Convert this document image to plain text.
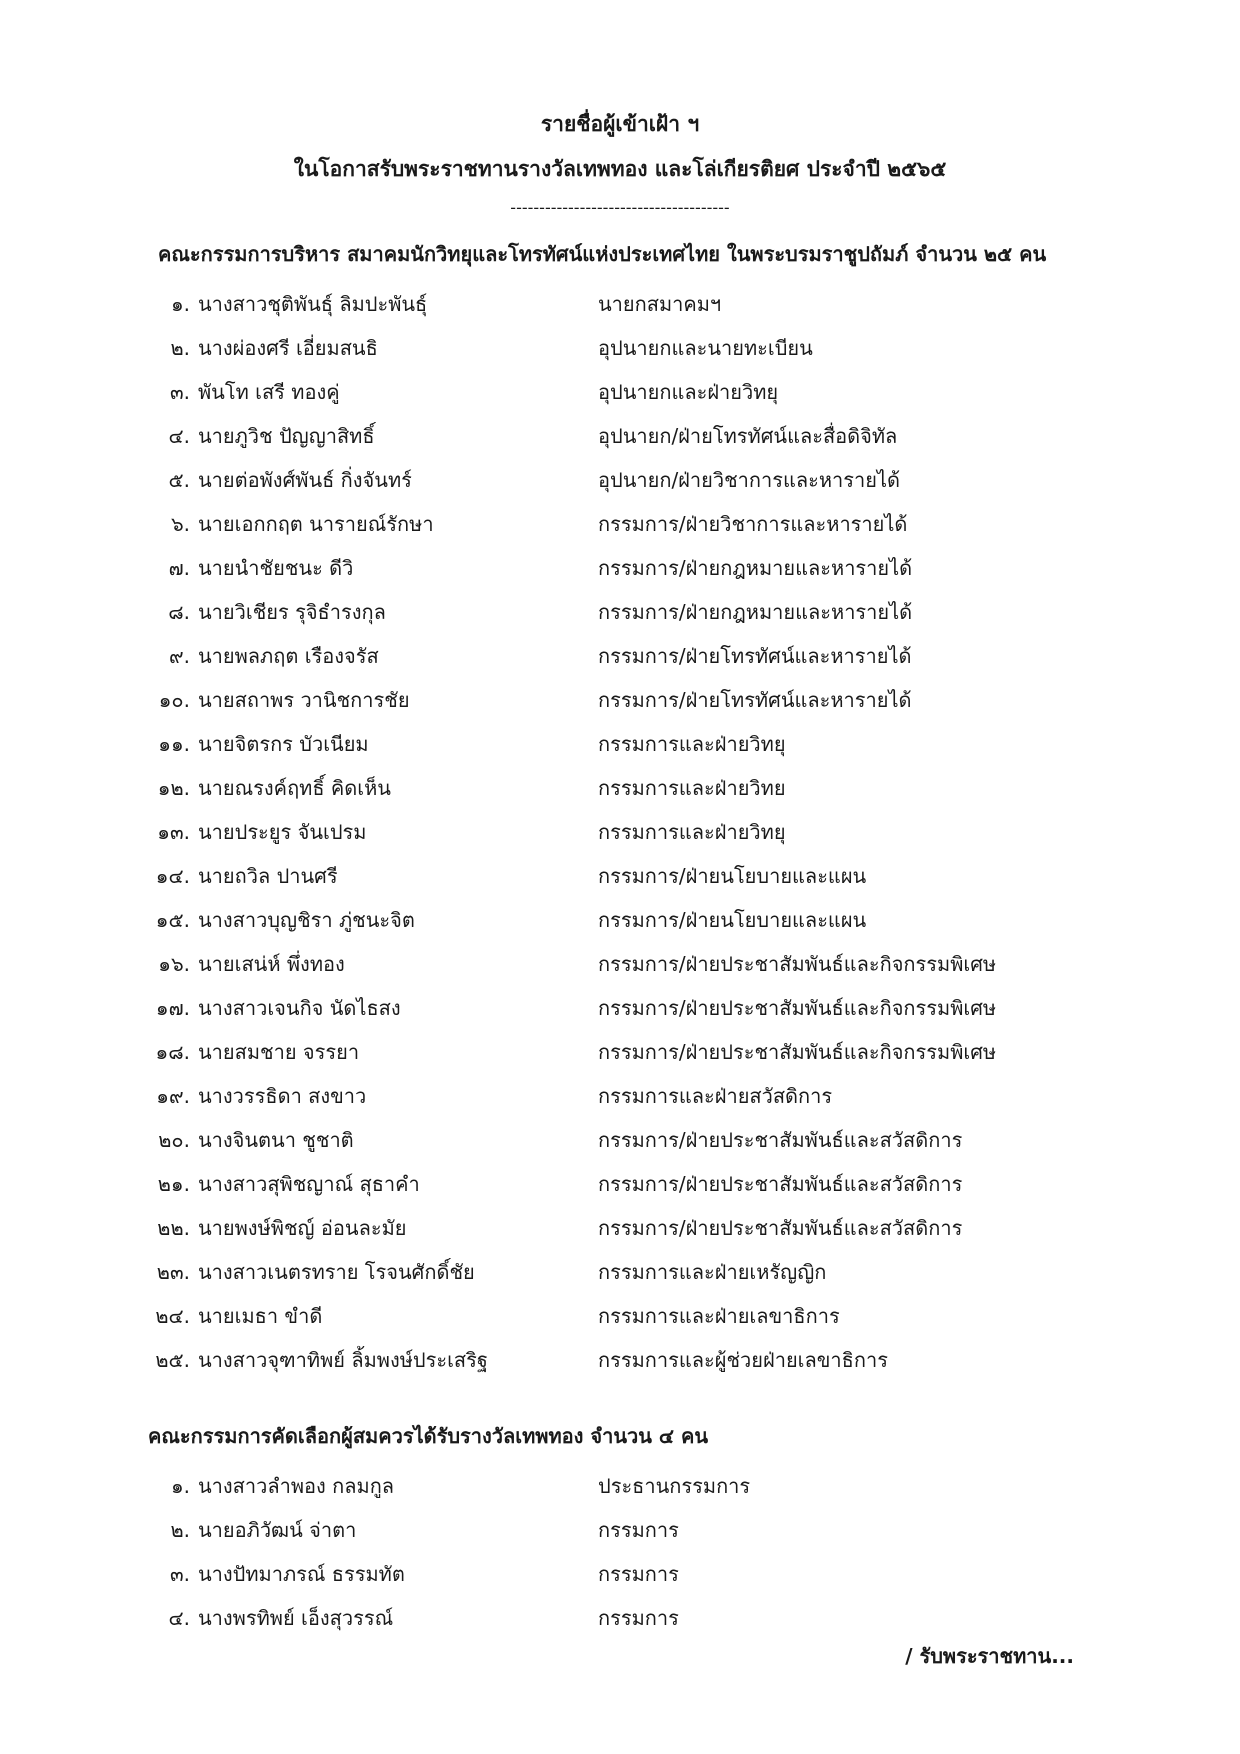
รายชื่อผู้เข้าเฝ้า ฯ
ในโอกาสรับพระราชทานรางวัลเทพทอง และโล่เกียรติยศ ประจำปี ๒๕๖๕
--------------------------------------
คณะกรรมการบริหาร สมาคมนักวิทยุและโทรทัศน์แห่งประเทศไทย ในพระบรมราชูปถัมภ์ จำนวน ๒๕ คน
๑. นางสาวชุติพันธุ์ ลิมปะพันธุ์	นายกสมาคมฯ
๒. นางผ่องศรี เอี่ยมสนธิ	อุปนายกและนายทะเบียน
๓. พันโท เสรี ทองคู่	อุปนายกและฝ่ายวิทยุ
๔. นายภูวิช ปัญญาสิทธิ์	อุปนายก/ฝ่ายโทรทัศน์และสื่อดิจิทัล
๕. นายต่อพังศ์พันธ์ กิ่งจันทร์	อุปนายก/ฝ่ายวิชาการและหารายได้
๖. นายเอกกฤต นารายณ์รักษา	กรรมการ/ฝ่ายวิชาการและหารายได้
๗. นายนำชัยชนะ ดีวิ	กรรมการ/ฝ่ายกฎหมายและหารายได้
๘. นายวิเชียร รุจิธำรงกุล	กรรมการ/ฝ่ายกฎหมายและหารายได้
๙. นายพลภฤต เรืองจรัส	กรรมการ/ฝ่ายโทรทัศน์และหารายได้
๑๐. นายสถาพร วานิชการชัย	กรรมการ/ฝ่ายโทรทัศน์และหารายได้
๑๑. นายจิตรกร บัวเนียม	กรรมการและฝ่ายวิทยุ
๑๒. นายณรงค์ฤทธิ์ คิดเห็น	กรรมการและฝ่ายวิทย
๑๓. นายประยูร จันเปรม	กรรมการและฝ่ายวิทยุ
๑๔. นายถวิล ปานศรี	กรรมการ/ฝ่ายนโยบายและแผน
๑๕. นางสาวบุญชิรา ภู่ชนะจิต	กรรมการ/ฝ่ายนโยบายและแผน
๑๖. นายเสน่ห์ พึ่งทอง	กรรมการ/ฝ่ายประชาสัมพันธ์และกิจกรรมพิเศษ
๑๗. นางสาวเจนกิจ นัดไธสง	กรรมการ/ฝ่ายประชาสัมพันธ์และกิจกรรมพิเศษ
๑๘. นายสมชาย จรรยา	กรรมการ/ฝ่ายประชาสัมพันธ์และกิจกรรมพิเศษ
๑๙. นางวรรธิดา สงขาว	กรรมการและฝ่ายสวัสดิการ
๒๐. นางจินตนา ชูชาติ	กรรมการ/ฝ่ายประชาสัมพันธ์และสวัสดิการ
๒๑. นางสาวสุพิชญาณ์ สุธาคำ	กรรมการ/ฝ่ายประชาสัมพันธ์และสวัสดิการ
๒๒. นายพงษ์พิชญ์ อ่อนละมัย	กรรมการ/ฝ่ายประชาสัมพันธ์และสวัสดิการ
๒๓. นางสาวเนตรทราย โรจนศักดิ์ชัย	กรรมการและฝ่ายเหรัญญิก
๒๔. นายเมธา ขำดี	กรรมการและฝ่ายเลขาธิการ
๒๕. นางสาวจุฑาทิพย์ ลิ้มพงษ์ประเสริฐ	กรรมการและผู้ช่วยฝ่ายเลขาธิการ
คณะกรรมการคัดเลือกผู้สมควรได้รับรางวัลเทพทอง จำนวน ๔ คน
๑. นางสาวลำพอง กลมกูล	ประธานกรรมการ
๒. นายอภิวัฒน์ จ่าตา	กรรมการ
๓. นางปัทมาภรณ์ ธรรมทัต	กรรมการ
๔. นางพรทิพย์ เอ็งสุวรรณ์	กรรมการ
/ รับพระราชทาน...
